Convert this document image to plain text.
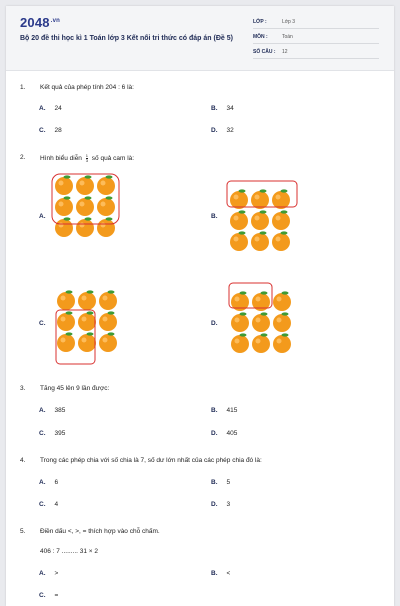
$2048^{.vn}$
Bộ 20 đề thi học kì 1 Toán lớp 3 Kết nối tri thức có đáp án (Đề 5)
LỚP :	Lớp 3
MÔN :	Toán
SỐ CÂU : 12
1. Kết quả của phép tính 204 : 6 là:
A. 24	B. 34
C. 28	D. 32
2. Hình biểu diễn $\frac{1}{3}$ số quả cam là:
A.	B.
C.	D.
3. Tăng 45 lên 9 lần được:
A. 385	B. 415
C. 395	D. 405
4. Trong các phép chia với số chia là 7, số dư lớn nhất của các phép chia đó là:
A. 6	B. 5
C. 4	D. 3
5. Điền dấu <, >, = thích hợp vào chỗ chấm.
406 : 7 ......... 31 × 2
A. >	B. <
C. =
